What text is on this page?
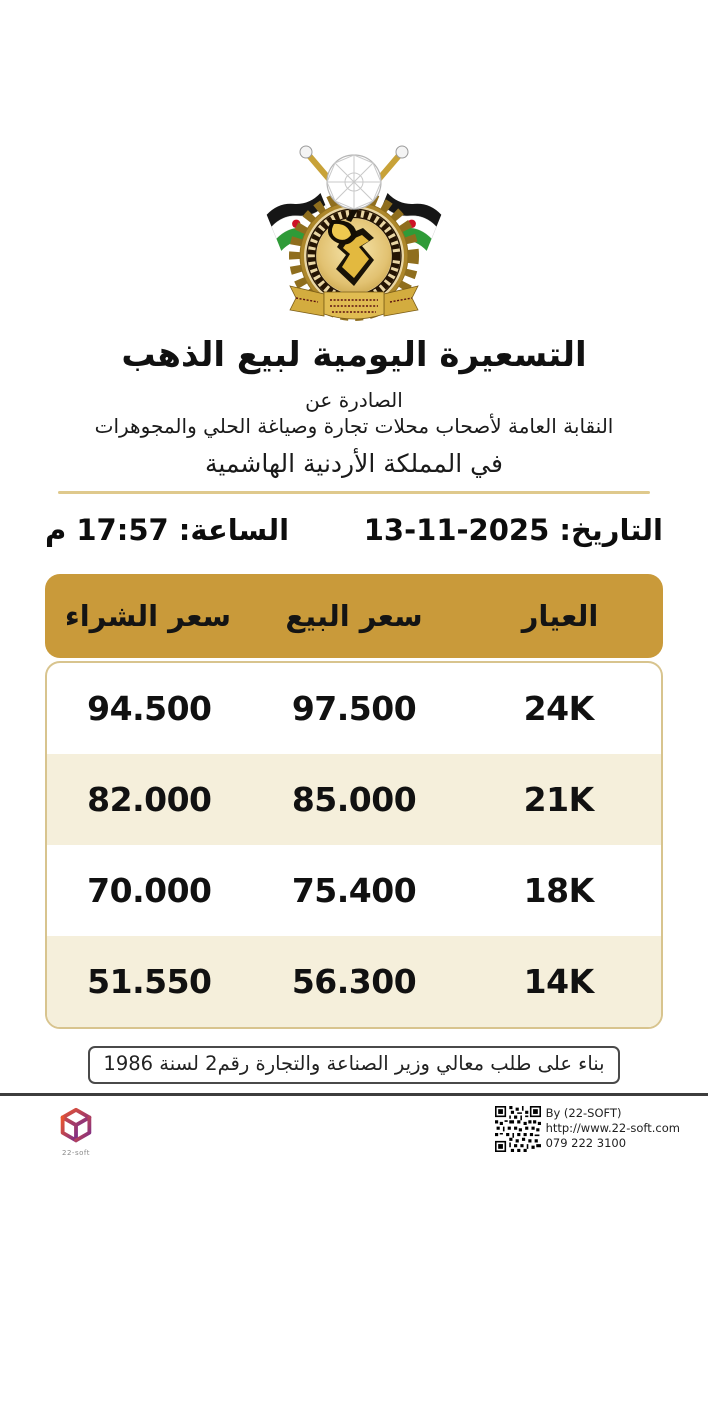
التسعيرة اليومية لبيع الذهب

الصادرة عن

النقابة العامة لأصحاب محلات تجارة وصياغة الحلي والمجوهرات

في المملكة الأردنية الهاشمية

التاريخ: 13-11-2025
الساعة: 17:57 م
العيار
سعر البيع
سعر الشراء
24K
97.500
94.500
21K
85.000
82.000
18K
75.400
70.000
14K
56.300
51.550
بناء على طلب معالي وزير الصناعة والتجارة رقم2 لسنة 1986
22-soft
By (22-SOFT)
http://www.22-soft.com
079 222 3100
